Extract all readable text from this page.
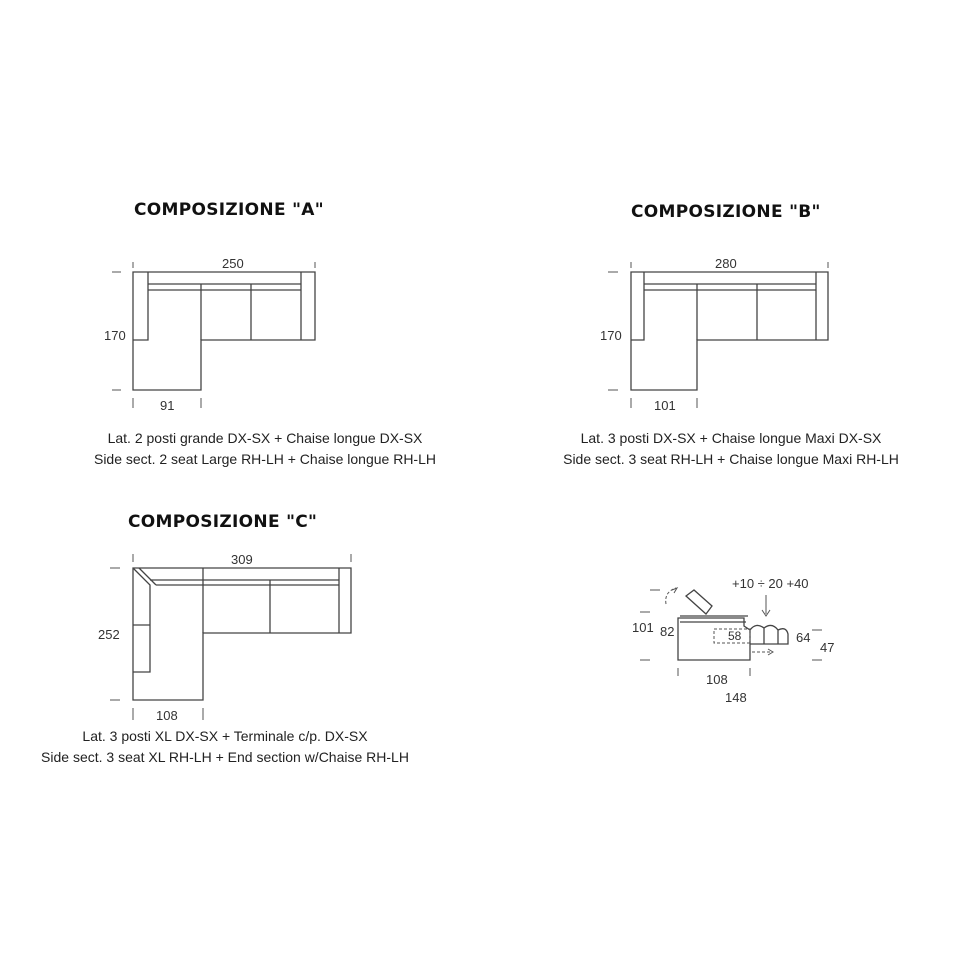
COMPOSIZIONE "A"	COMPOSIZIONE "B"
COMPOSIZIONE "C"
Lat. 2 posti grande DX-SX + Chaise longue DX-SX
Side sect. 2 seat Large RH-LH + Chaise longue RH-LH
Lat. 3 posti DX-SX + Chaise longue Maxi DX-SX
Side sect. 3 seat RH-LH + Chaise longue Maxi RH-LH
Lat. 3 posti XL DX-SX + Terminale c/p. DX-SX
Side sect. 3 seat XL RH-LH + End section w/Chaise RH-LH
250
170
91
280
170
101
309
252
108
+10 ÷ 20 +40
101 82	58	64
47
108
148
